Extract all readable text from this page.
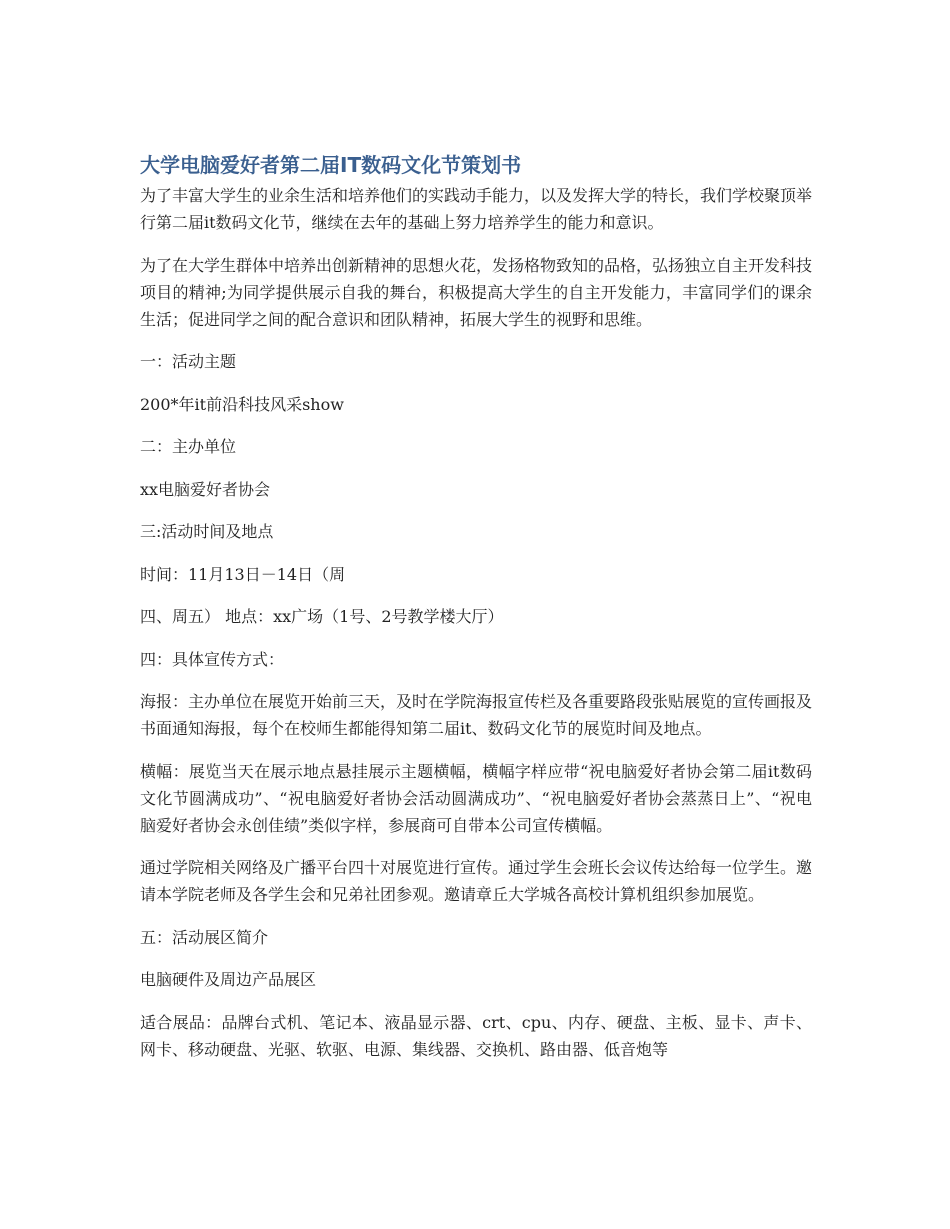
大学电脑爱好者第二届IT数码文化节策划书

为了丰富大学生的业余生活和培养他们的实践动手能力，以及发挥大学的特长，我们学校聚顶举行第二届it数码文化节，继续在去年的基础上努力培养学生的能力和意识。

为了在大学生群体中培养出创新精神的思想火花，发扬格物致知的品格，弘扬独立自主开发科技项目的精神;为同学提供展示自我的舞台，积极提高大学生的自主开发能力，丰富同学们的课余生活；促进同学之间的配合意识和团队精神，拓展大学生的视野和思维。

一：活动主题

200*年it前沿科技风采show

二：主办单位

xx电脑爱好者协会

三:活动时间及地点

时间：11月13日－14日（周

四、周五） 地点：xx广场（1号、2号教学楼大厅）

四：具体宣传方式：

海报：主办单位在展览开始前三天，及时在学院海报宣传栏及各重要路段张贴展览的宣传画报及书面通知海报，每个在校师生都能得知第二届it、数码文化节的展览时间及地点。

横幅：展览当天在展示地点悬挂展示主题横幅，横幅字样应带“祝电脑爱好者协会第二届it数码文化节圆满成功”、“祝电脑爱好者协会活动圆满成功”、“祝电脑爱好者协会蒸蒸日上”、“祝电脑爱好者协会永创佳绩”类似字样，参展商可自带本公司宣传横幅。

通过学院相关网络及广播平台四十对展览进行宣传。通过学生会班长会议传达给每一位学生。邀请本学院老师及各学生会和兄弟社团参观。邀请章丘大学城各高校计算机组织参加展览。

五：活动展区简介

电脑硬件及周边产品展区

适合展品：品牌台式机、笔记本、液晶显示器、crt、cpu、内存、硬盘、主板、显卡、声卡、网卡、移动硬盘、光驱、软驱、电源、集线器、交换机、路由器、低音炮等
